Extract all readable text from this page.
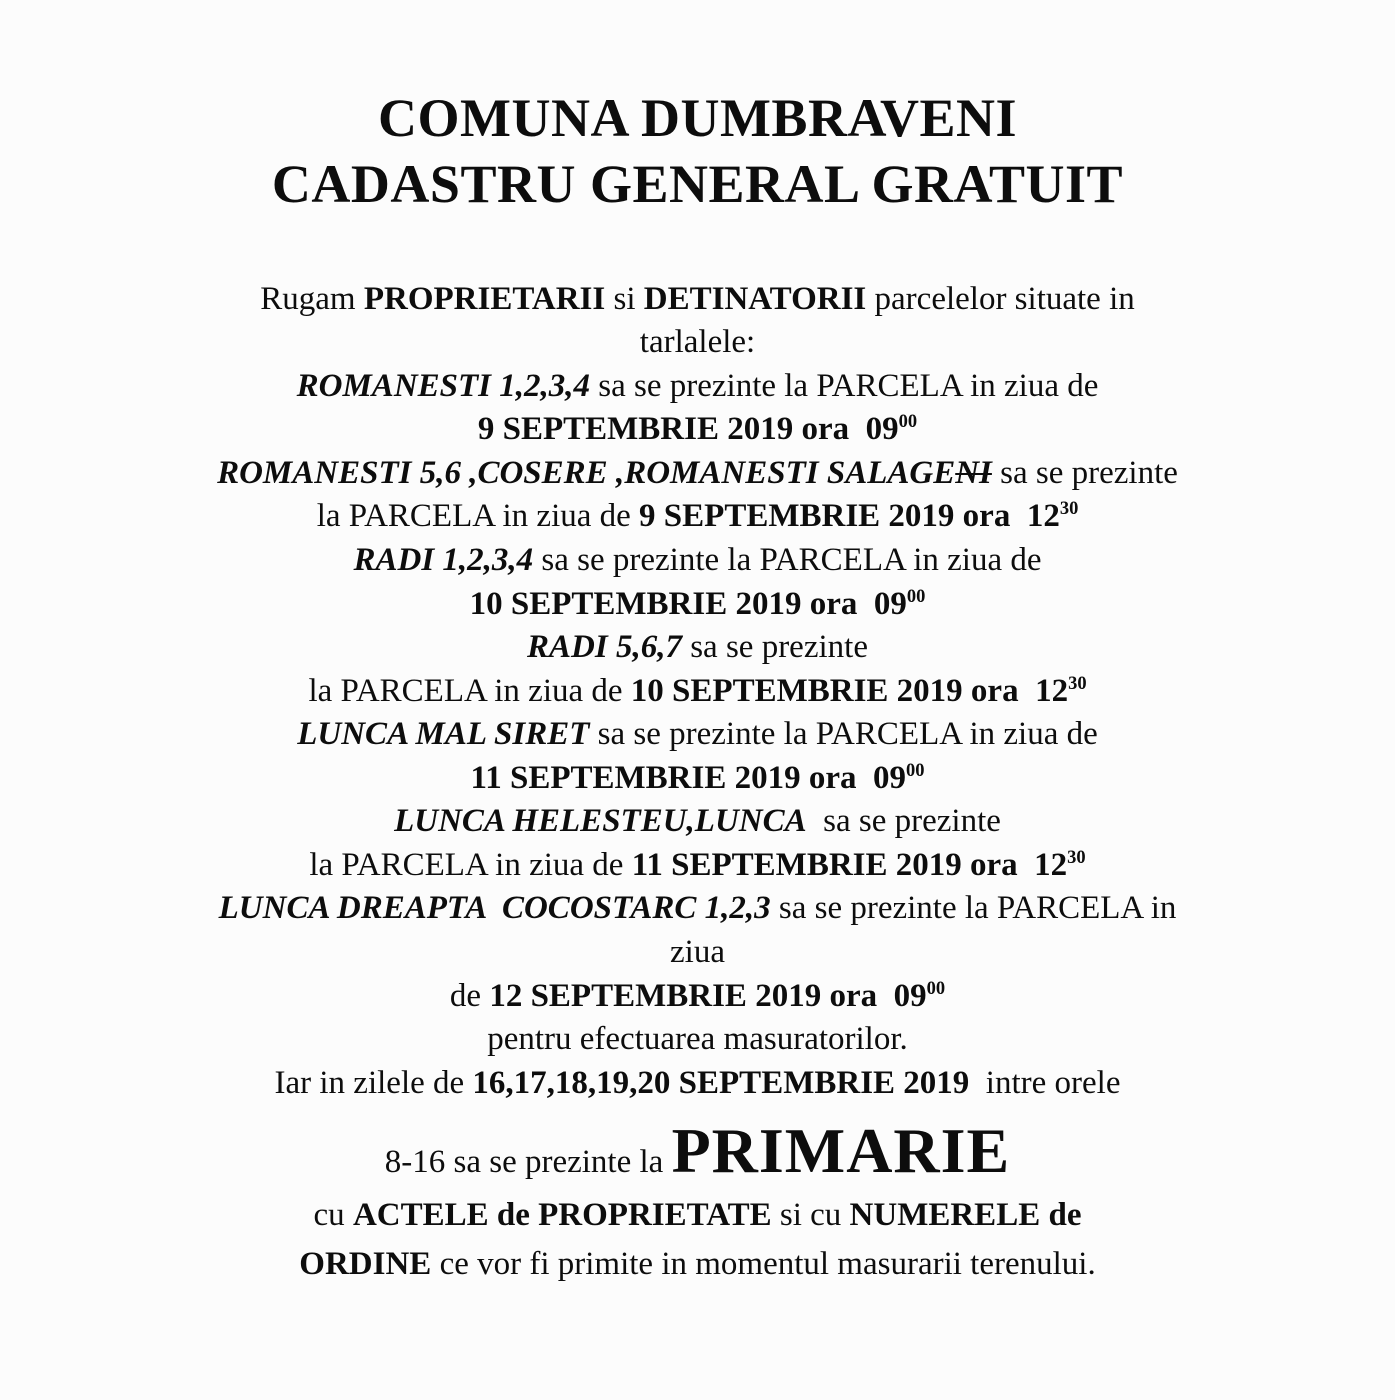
COMUNA DUMBRAVENI
CADASTRU GENERAL GRATUIT
Rugam PROPRIETARII si DETINATORII parcelelor situate in
tarlalele:
ROMANESTI 1,2,3,4 sa se prezinte la PARCELA in ziua de
9 SEPTEMBRIE 2019 ora  $09^{00}$
ROMANESTI 5,6 ,COSERE ,ROMANESTI SALAGENI sa se prezinte
la PARCELA in ziua de 9 SEPTEMBRIE 2019 ora  $12^{30}$
RADI 1,2,3,4 sa se prezinte la PARCELA in ziua de
10 SEPTEMBRIE 2019 ora  $09^{00}$
RADI 5,6,7 sa se prezinte
la PARCELA in ziua de 10 SEPTEMBRIE 2019 ora  $12^{30}$
LUNCA MAL SIRET sa se prezinte la PARCELA in ziua de
11 SEPTEMBRIE 2019 ora  $09^{00}$
LUNCA HELESTEU,LUNCA  sa se prezinte
la PARCELA in ziua de 11 SEPTEMBRIE 2019 ora  $12^{30}$
LUNCA DREAPTA  COCOSTARC 1,2,3 sa se prezinte la PARCELA in
ziua
de 12 SEPTEMBRIE 2019 ora  $09^{00}$
pentru efectuarea masuratorilor.
Iar in zilele de 16,17,18,19,20 SEPTEMBRIE 2019  intre orele
8-16 sa se prezinte la PRIMARIE
cu ACTELE de PROPRIETATE si cu NUMERELE de
ORDINE ce vor fi primite in momentul masurarii terenului.
